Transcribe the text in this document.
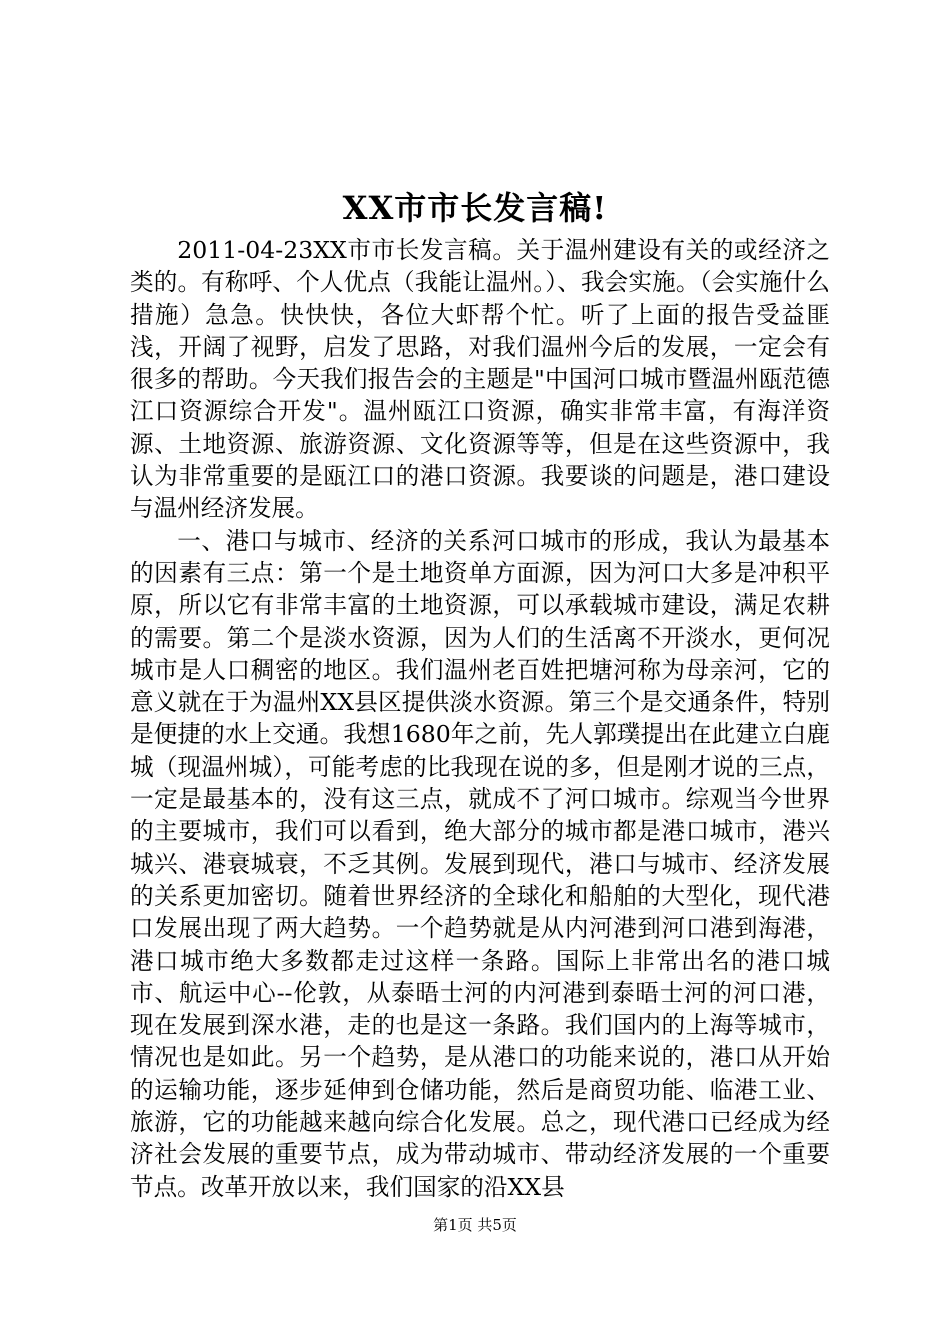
XX市市长发言稿!

2011-04-23XX市市长发言稿。关于温州建设有关的或经济之类的。有称呼、个人优点（我能让温州。）、我会实施。（会实施什么措施）急急。快快快，各位大虾帮个忙。听了上面的报告受益匪浅，开阔了视野，启发了思路，对我们温州今后的发展，一定会有很多的帮助。今天我们报告会的主题是"中国河口城市暨温州瓯范德江口资源综合开发"。温州瓯江口资源，确实非常丰富，有海洋资源、土地资源、旅游资源、文化资源等等，但是在这些资源中，我认为非常重要的是瓯江口的港口资源。我要谈的问题是，港口建设与温州经济发展。

一、港口与城市、经济的关系河口城市的形成，我认为最基本的因素有三点：第一个是土地资单方面源，因为河口大多是冲积平原，所以它有非常丰富的土地资源，可以承载城市建设，满足农耕的需要。第二个是淡水资源，因为人们的生活离不开淡水，更何况城市是人口稠密的地区。我们温州老百姓把塘河称为母亲河，它的意义就在于为温州XX县区提供淡水资源。第三个是交通条件，特别是便捷的水上交通。我想1680年之前，先人郭璞提出在此建立白鹿城（现温州城），可能考虑的比我现在说的多，但是刚才说的三点，一定是最基本的，没有这三点，就成不了河口城市。综观当今世界的主要城市，我们可以看到，绝大部分的城市都是港口城市，港兴城兴、港衰城衰，不乏其例。发展到现代，港口与城市、经济发展的关系更加密切。随着世界经济的全球化和船舶的大型化，现代港口发展出现了两大趋势。一个趋势就是从内河港到河口港到海港，港口城市绝大多数都走过这样一条路。国际上非常出名的港口城市、航运中心--伦敦，从泰晤士河的内河港到泰晤士河的河口港，现在发展到深水港，走的也是这一条路。我们国内的上海等城市，情况也是如此。另一个趋势，是从港口的功能来说的，港口从开始的运输功能，逐步延伸到仓储功能，然后是商贸功能、临港工业、旅游，它的功能越来越向综合化发展。总之，现代港口已经成为经济社会发展的重要节点，成为带动城市、带动经济发展的一个重要节点。改革开放以来，我们国家的沿XX县

第1页 共5页
